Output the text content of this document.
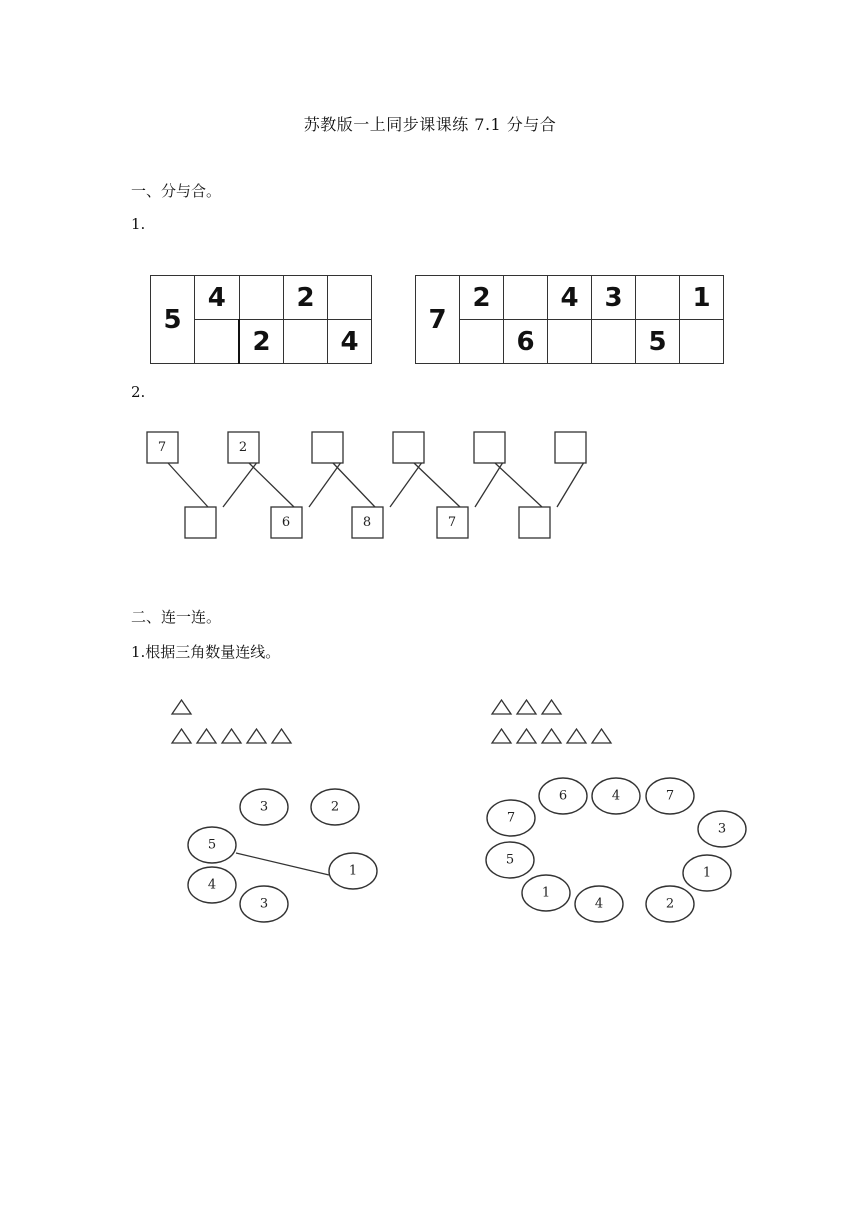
苏教版一上同步课课练 7.1 分与合
一、分与合。
1.
5	4		2	
		2		4
7	2		4	3		1
		6			5	
2.
二、连一连。
1.根据三角数量连线。
7	2
6	8	7
3	2
5
1
4
3
6	4	7
7
3
5
1
1
4	2
